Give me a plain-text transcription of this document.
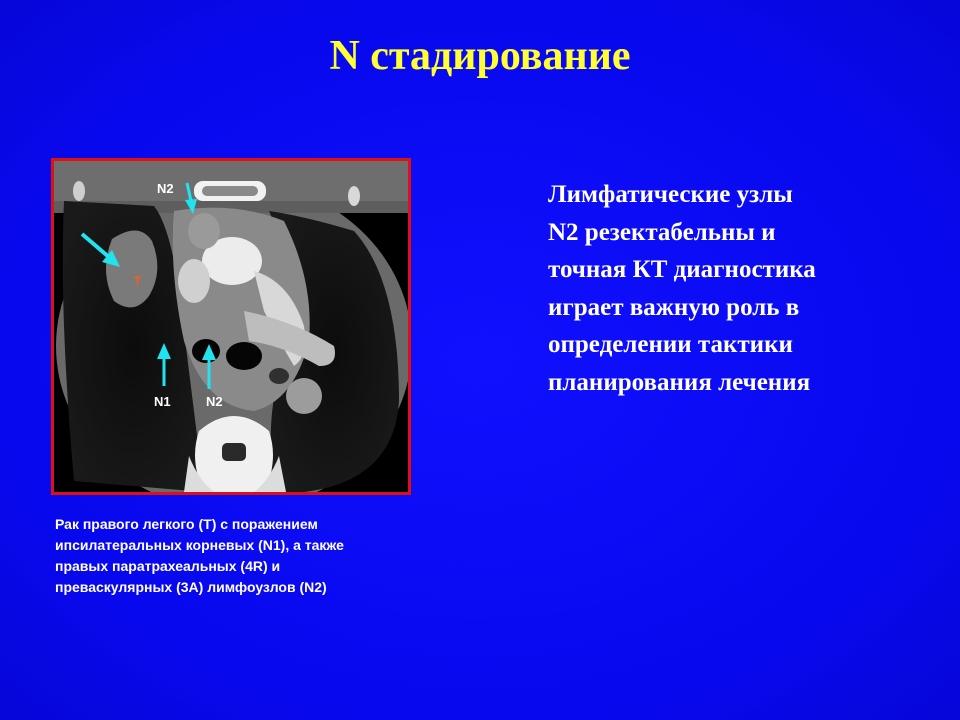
N стадирование
N2
T
N1	N2
Рак правого легкого (Т) с поражением
ипсилатеральных корневых (N1), а также
правых паратрахеальных (4R) и
преваскулярных (3А) лимфоузлов (N2)
Лимфатические узлы
N2 резектабельны и
точная КТ диагностика
играет важную роль в
определении тактики
планирования лечения
